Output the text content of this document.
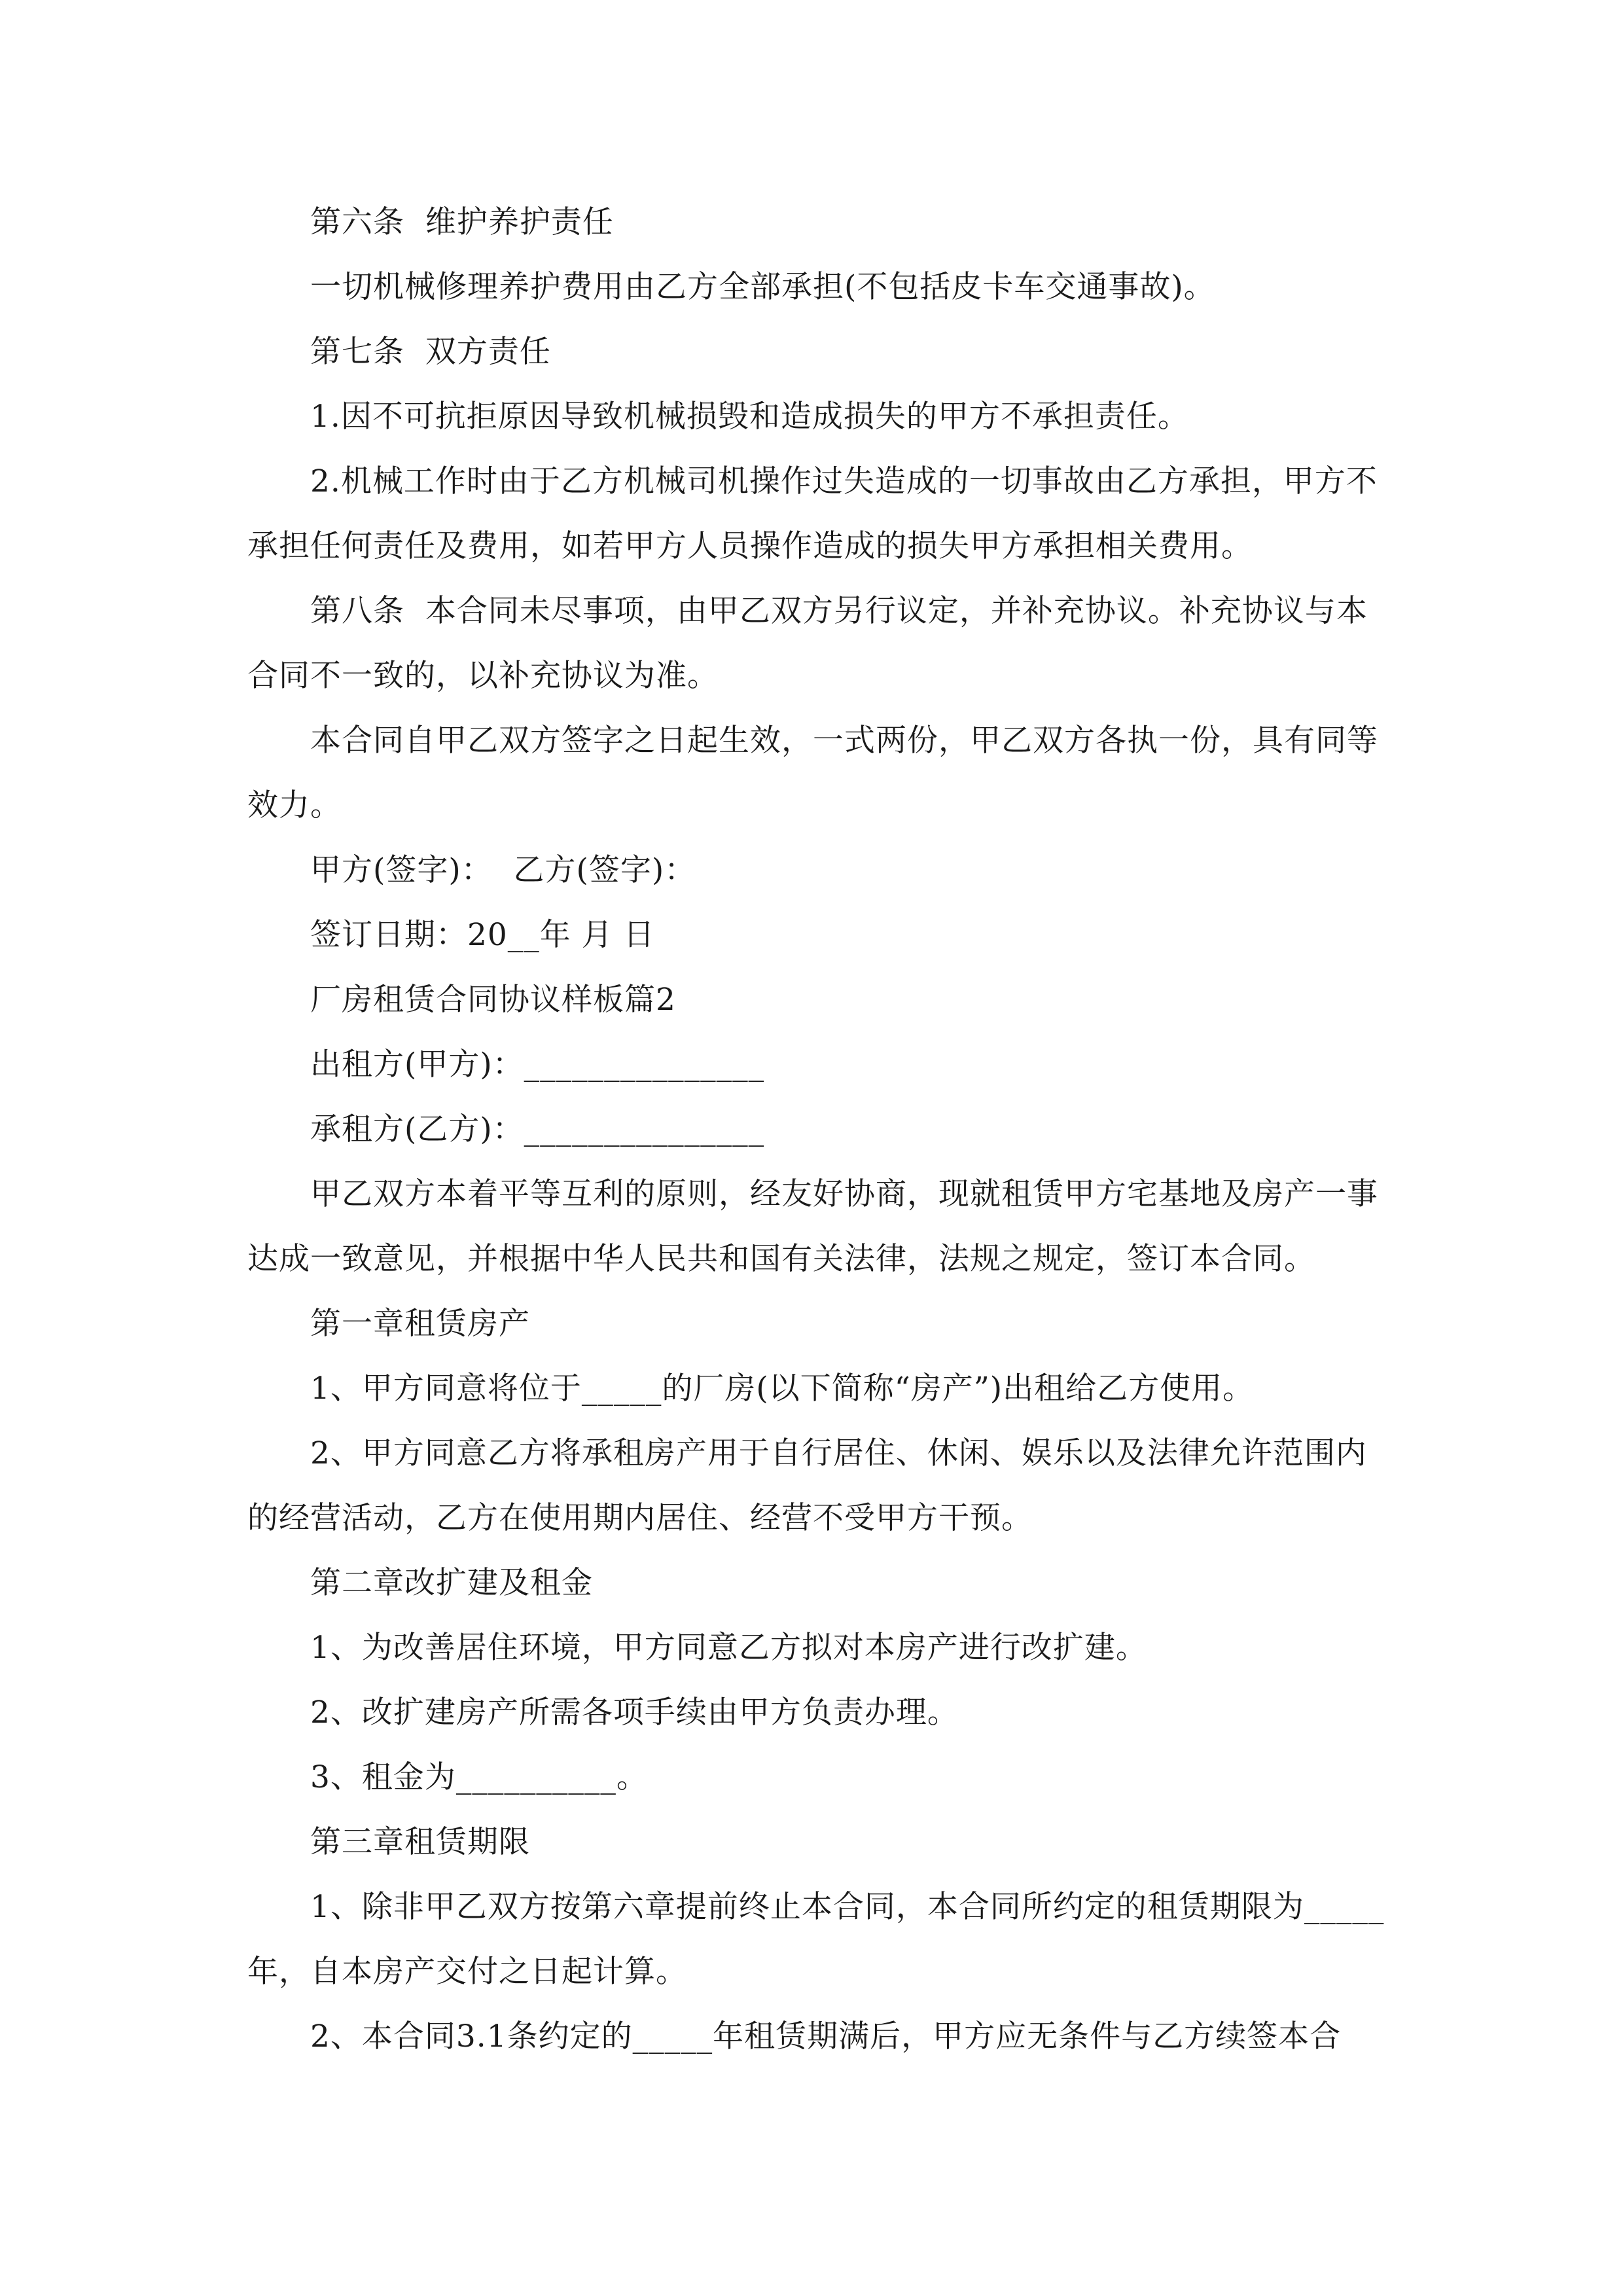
第六条  维护养护责任

一切机械修理养护费用由乙方全部承担(不包括皮卡车交通事故)。

第七条  双方责任

1.因不可抗拒原因导致机械损毁和造成损失的甲方不承担责任。

2.机械工作时由于乙方机械司机操作过失造成的一切事故由乙方承担，甲方不承担任何责任及费用，如若甲方人员操作造成的损失甲方承担相关费用。

第八条  本合同未尽事项，由甲乙双方另行议定，并补充协议。补充协议与本合同不一致的，以补充协议为准。

本合同自甲乙双方签字之日起生效，一式两份，甲乙双方各执一份，具有同等效力。

甲方(签字)：  乙方(签字)：

签订日期：20__年 月 日

厂房租赁合同协议样板篇2

出租方(甲方)：_______________

承租方(乙方)：_______________

甲乙双方本着平等互利的原则，经友好协商，现就租赁甲方宅基地及房产一事达成一致意见，并根据中华人民共和国有关法律，法规之规定，签订本合同。

第一章租赁房产

1、甲方同意将位于_____的厂房(以下简称“房产”)出租给乙方使用。

2、甲方同意乙方将承租房产用于自行居住、休闲、娱乐以及法律允许范围内的经营活动，乙方在使用期内居住、经营不受甲方干预。

第二章改扩建及租金

1、为改善居住环境，甲方同意乙方拟对本房产进行改扩建。

2、改扩建房产所需各项手续由甲方负责办理。

3、租金为__________。

第三章租赁期限

1、除非甲乙双方按第六章提前终止本合同，本合同所约定的租赁期限为_____年，自本房产交付之日起计算。

2、本合同3.1条约定的_____年租赁期满后，甲方应无条件与乙方续签本合
